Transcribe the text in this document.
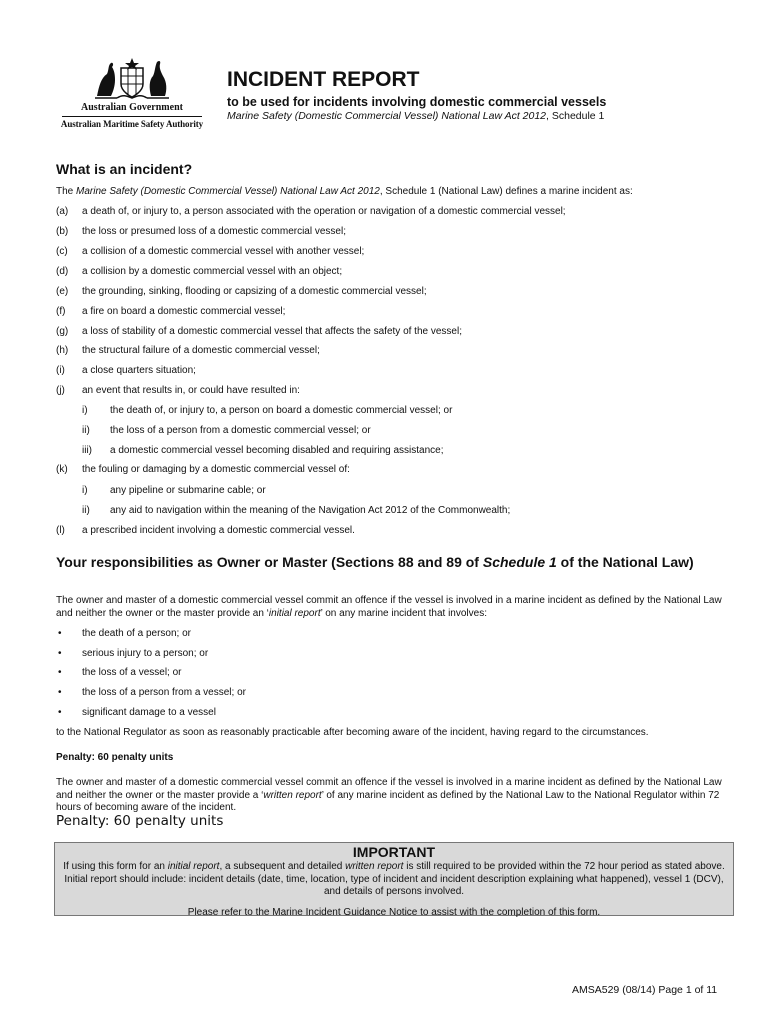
Australian Government
Australian Maritime Safety Authority
INCIDENT REPORT
to be used for incidents involving domestic commercial vessels
Marine Safety (Domestic Commercial Vessel) National Law Act 2012, Schedule 1
What is an incident?
The Marine Safety (Domestic Commercial Vessel) National Law Act 2012, Schedule 1 (National Law) defines a marine incident as:
(a)	a death of, or injury to, a person associated with the operation or navigation of a domestic commercial vessel;
(b)	the loss or presumed loss of a domestic commercial vessel;
(c)	a collision of a domestic commercial vessel with another vessel;
(d)	a collision by a domestic commercial vessel with an object;
(e)	the grounding, sinking, flooding or capsizing of a domestic commercial vessel;
(f)	a fire on board a domestic commercial vessel;
(g)	a loss of stability of a domestic commercial vessel that affects the safety of the vessel;
(h)	the structural failure of a domestic commercial vessel;
(i)	a close quarters situation;
(j)	an event that results in, or could have resulted in:
i)	the death of, or injury to, a person on board a domestic commercial vessel; or
ii)	the loss of a person from a domestic commercial vessel; or
iii)	a domestic commercial vessel becoming disabled and requiring assistance;
(k)	the fouling or damaging by a domestic commercial vessel of:
i)	any pipeline or submarine cable; or
ii)	any aid to navigation within the meaning of the Navigation Act 2012 of the Commonwealth;
(l)	a prescribed incident involving a domestic commercial vessel.
Your responsibilities as Owner or Master (Sections 88 and 89 of Schedule 1 of the National Law)
The owner and master of a domestic commercial vessel commit an offence if the vessel is involved in a marine incident as defined by the National Law and neither the owner or the master provide an ‘initial report’ on any marine incident that involves:
• the death of a person; or
• serious injury to a person; or
• the loss of a vessel; or
• the loss of a person from a vessel; or
• significant damage to a vessel
to the National Regulator as soon as reasonably practicable after becoming aware of the incident, having regard to the circumstances.
Penalty: 60 penalty units
The owner and master of a domestic commercial vessel commit an offence if the vessel is involved in a marine incident as defined by the National Law and neither the owner or the master provide a ‘written report’ of any marine incident as defined by the National Law to the National Regulator within 72 hours of becoming aware of the incident.
Penalty: 60 penalty units
IMPORTANT
If using this form for an initial report, a subsequent and detailed written report is still required to be provided within the 72 hour period as stated above. Initial report should include: incident details (date, time, location, type of incident and incident description explaining what happened), vessel 1 (DCV), and details of persons involved.
Please refer to the Marine Incident Guidance Notice to assist with the completion of this form.
AMSA529 (08/14) Page 1 of 11
